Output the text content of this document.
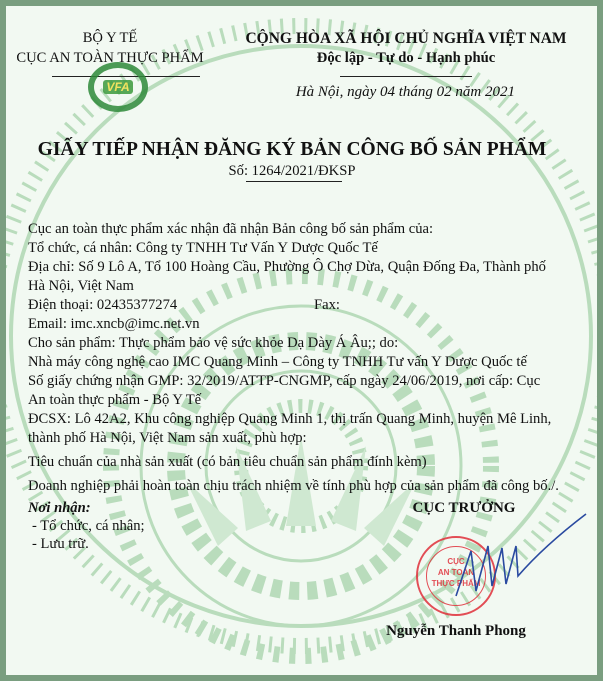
BỘ Y TẾ
CỤC AN TOÀN THỰC PHẨM
VFA
CỘNG HÒA XÃ HỘI CHỦ NGHĨA VIỆT NAM
Độc lập - Tự do - Hạnh phúc
Hà Nội, ngày 04 tháng 02 năm 2021
GIẤY TIẾP NHẬN ĐĂNG KÝ BẢN CÔNG BỐ SẢN PHẨM
Số: 1264/2021/ĐKSP
Cục an toàn thực phẩm xác nhận đã nhận Bản công bố sản phẩm của:
Tổ chức, cá nhân: Công ty TNHH Tư Vấn Y Dược Quốc Tế
Địa chỉ: Số 9 Lô A, Tổ 100 Hoàng Cầu, Phường Ô Chợ Dừa, Quận Đống Đa, Thành phố
Hà Nội, Việt Nam
Điện thoại: 02435377274	Fax:
Email: imc.xncb@imc.net.vn
Cho sản phẩm: Thực phẩm bảo vệ sức khỏe Dạ Dày Á Âu;; do:
Nhà máy công nghệ cao IMC Quang Minh – Công ty TNHH Tư vấn Y Dược Quốc tế
Số giấy chứng nhận GMP: 32/2019/ATTP-CNGMP, cấp ngày 24/06/2019, nơi cấp: Cục
An toàn thực phẩm - Bộ Y Tế
ĐCSX: Lô 42A2, Khu công nghiệp Quang Minh 1, thị trấn Quang Minh, huyện Mê Linh,
thành phố Hà Nội, Việt Nam sản xuất, phù hợp:
Tiêu chuẩn của nhà sản xuất (có bản tiêu chuẩn sản phẩm đính kèm)
Doanh nghiệp phải hoàn toàn chịu trách nhiệm về tính phù hợp của sản phẩm đã công bố./.
Nơi nhận:
- Tổ chức, cá nhân;
- Lưu trữ.
CỤC TRƯỞNG
CỤC
AN TOÀN
THỰC PHẨM
Nguyễn Thanh Phong
